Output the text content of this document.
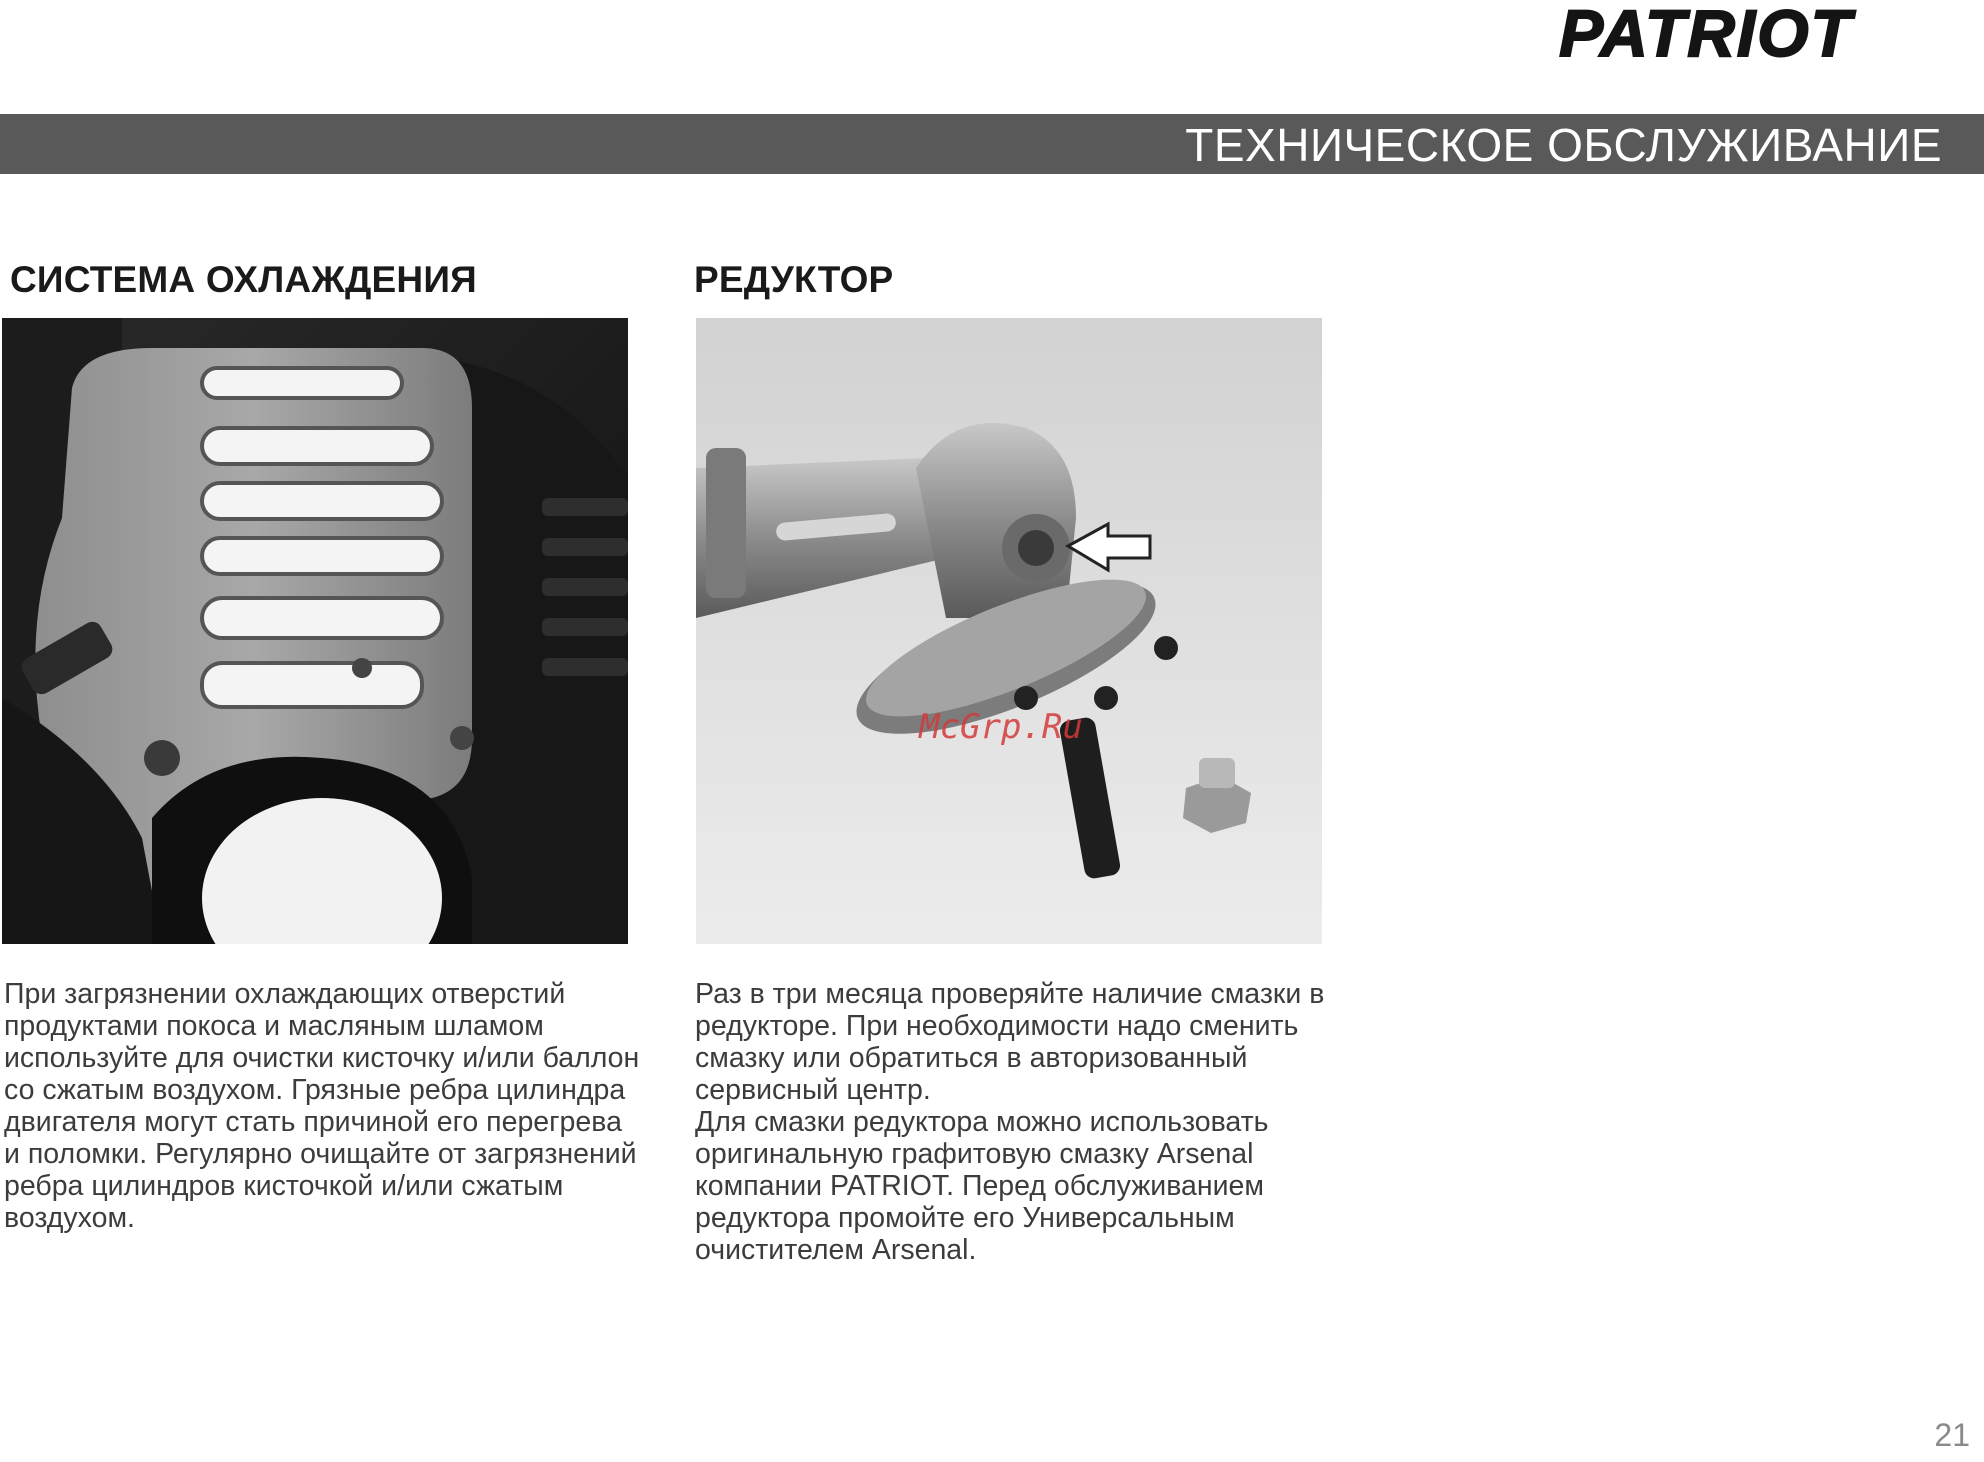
PATRIOT
ТЕХНИЧЕСКОЕ ОБСЛУЖИВАНИЕ
СИСТЕМА ОХЛАЖДЕНИЯ

При загрязнении охлаждающих отверстий продуктами покоса и масляным шламом используйте для очистки кисточку и/или баллон со сжатым воздухом. Грязные ребра цилиндра двигателя могут стать причиной его перегрева и поломки. Регулярно очищайте от загрязнений ребра цилиндров кисточкой и/или сжатым воздухом.

РЕДУКТОР
McGrp.Ru

Раз в три месяца проверяйте наличие смазки в редукторе. При необходимости надо сменить смазку или обратиться в авторизованный сервисный центр.

Для смазки редуктора можно использовать оригинальную графитовую смазку Arsenal компании PATRIOT. Перед обслуживанием редуктора промойте его Универсальным очистителем Arsenal.

21
